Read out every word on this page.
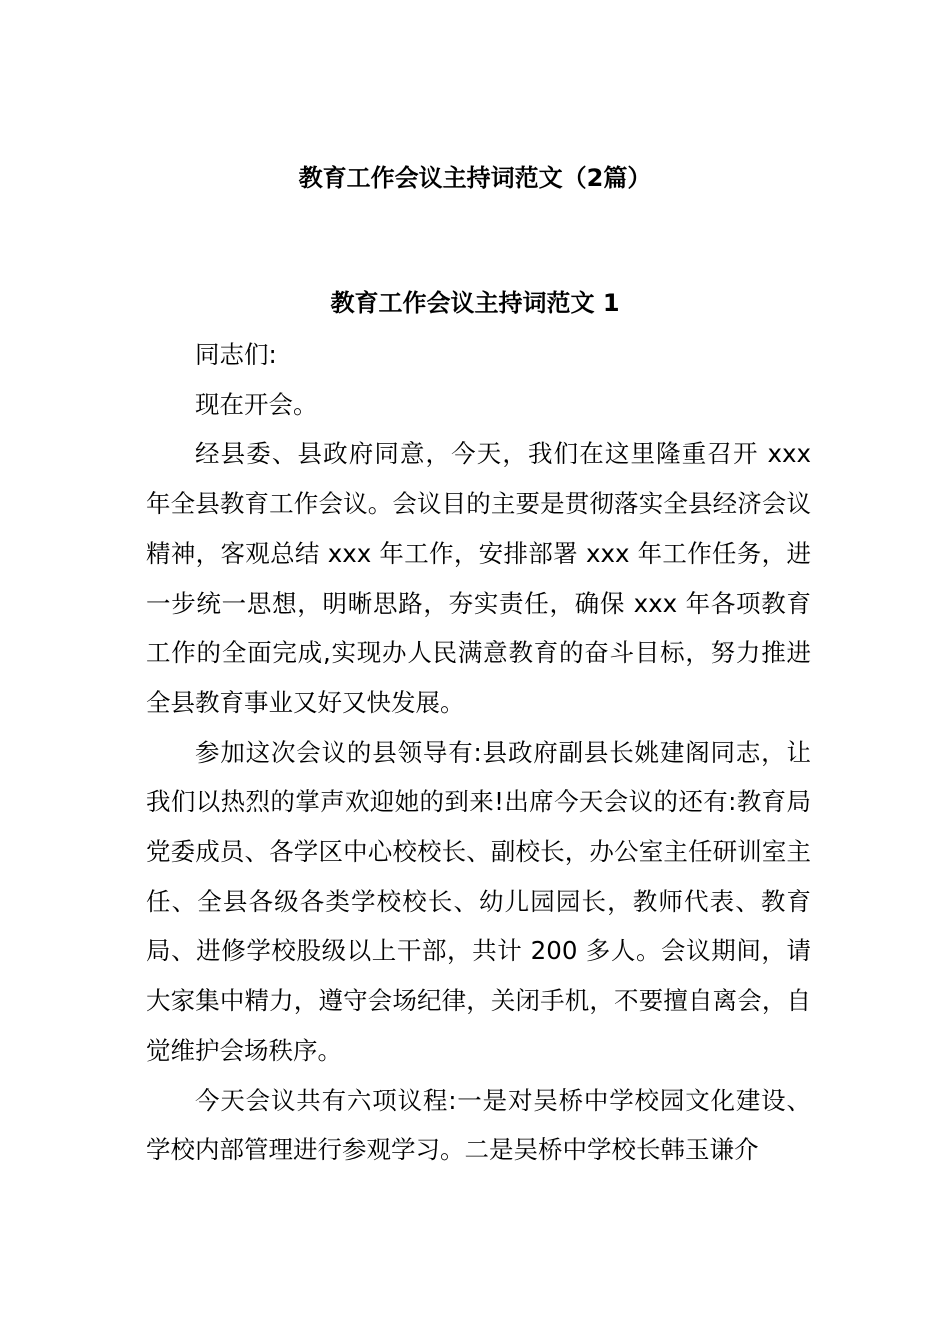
教育工作会议主持词范文（2篇）
教育工作会议主持词范文 1

同志们:

现在开会。

经县委、县政府同意，今天，我们在这里隆重召开 xxx 年全县教育工作会议。会议目的主要是贯彻落实全县经济会议精神，客观总结 xxx 年工作，安排部署 xxx 年工作任务，进一步统一思想，明晰思路，夯实责任，确保 xxx 年各项教育工作的全面完成,实现办人民满意教育的奋斗目标，努力推进全县教育事业又好又快发展。

参加这次会议的县领导有:县政府副县长姚建阁同志，让我们以热烈的掌声欢迎她的到来!出席今天会议的还有:教育局党委成员、各学区中心校校长、副校长，办公室主任研训室主任、全县各级各类学校校长、幼儿园园长，教师代表、教育局、进修学校股级以上干部，共计 200 多人。会议期间，请大家集中精力，遵守会场纪律，关闭手机，不要擅自离会，自觉维护会场秩序。

今天会议共有六项议程:一是对吴桥中学校园文化建设、学校内部管理进行参观学习。二是吴桥中学校长韩玉谦介
